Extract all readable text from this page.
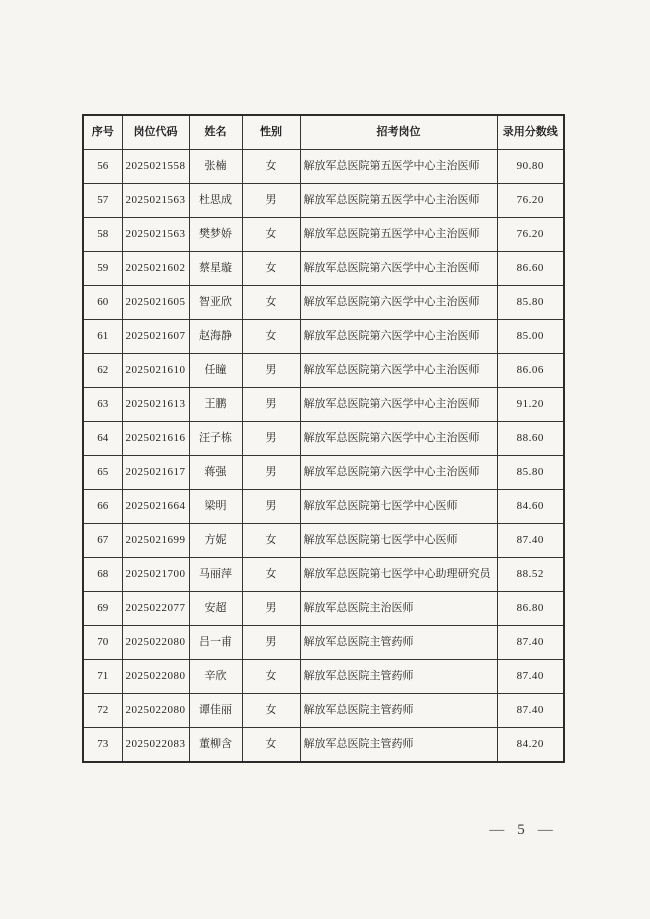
序号	岗位代码	姓名	性别	招考岗位	录用分数线
56	2025021558	张楠	女	解放军总医院第五医学中心主治医师	90.80
57	2025021563	杜思成	男	解放军总医院第五医学中心主治医师	76.20
58	2025021563	樊梦娇	女	解放军总医院第五医学中心主治医师	76.20
59	2025021602	蔡星璇	女	解放军总医院第六医学中心主治医师	86.60
60	2025021605	智亚欣	女	解放军总医院第六医学中心主治医师	85.80
61	2025021607	赵海静	女	解放军总医院第六医学中心主治医师	85.00
62	2025021610	任瞳	男	解放军总医院第六医学中心主治医师	86.06
63	2025021613	王鹏	男	解放军总医院第六医学中心主治医师	91.20
64	2025021616	汪子栋	男	解放军总医院第六医学中心主治医师	88.60
65	2025021617	蒋强	男	解放军总医院第六医学中心主治医师	85.80
66	2025021664	梁明	男	解放军总医院第七医学中心医师	84.60
67	2025021699	方妮	女	解放军总医院第七医学中心医师	87.40
68	2025021700	马丽萍	女	解放军总医院第七医学中心助理研究员	88.52
69	2025022077	安超	男	解放军总医院主治医师	86.80
70	2025022080	吕一甫	男	解放军总医院主管药师	87.40
71	2025022080	辛欣	女	解放军总医院主管药师	87.40
72	2025022080	谭佳丽	女	解放军总医院主管药师	87.40
73	2025022083	董柳含	女	解放军总医院主管药师	84.20
— 5 —
